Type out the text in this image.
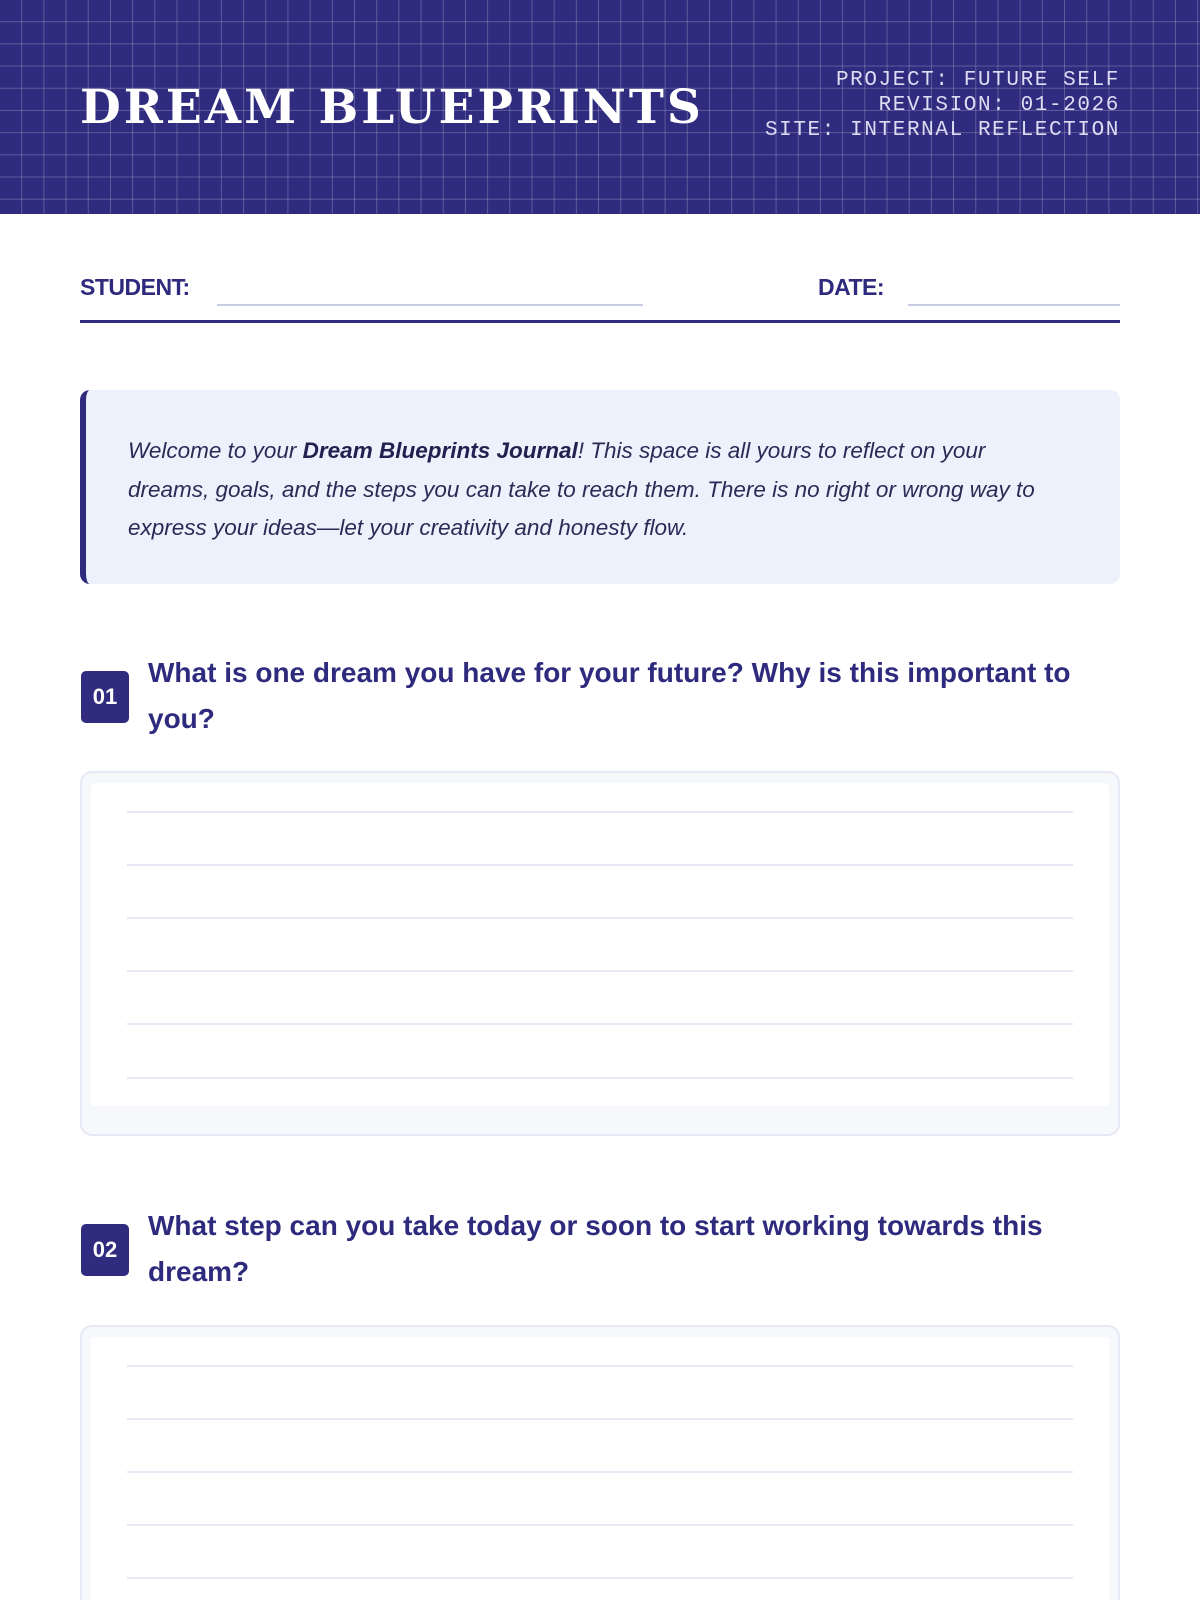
DREAM BLUEPRINTS	PROJECT: FUTURE SELF
REVISION: 01-2026
SITE: INTERNAL REFLECTION
STUDENT:	DATE:

Welcome to your Dream Blueprints Journal! This space is all yours to reflect on your dreams, goals, and the steps you can take to reach them. There is no right or wrong way to express your ideas—let your creativity and honesty flow.

01
What is one dream you have for your future? Why is this important to you?
02
What step can you take today or soon to start working towards this dream?
